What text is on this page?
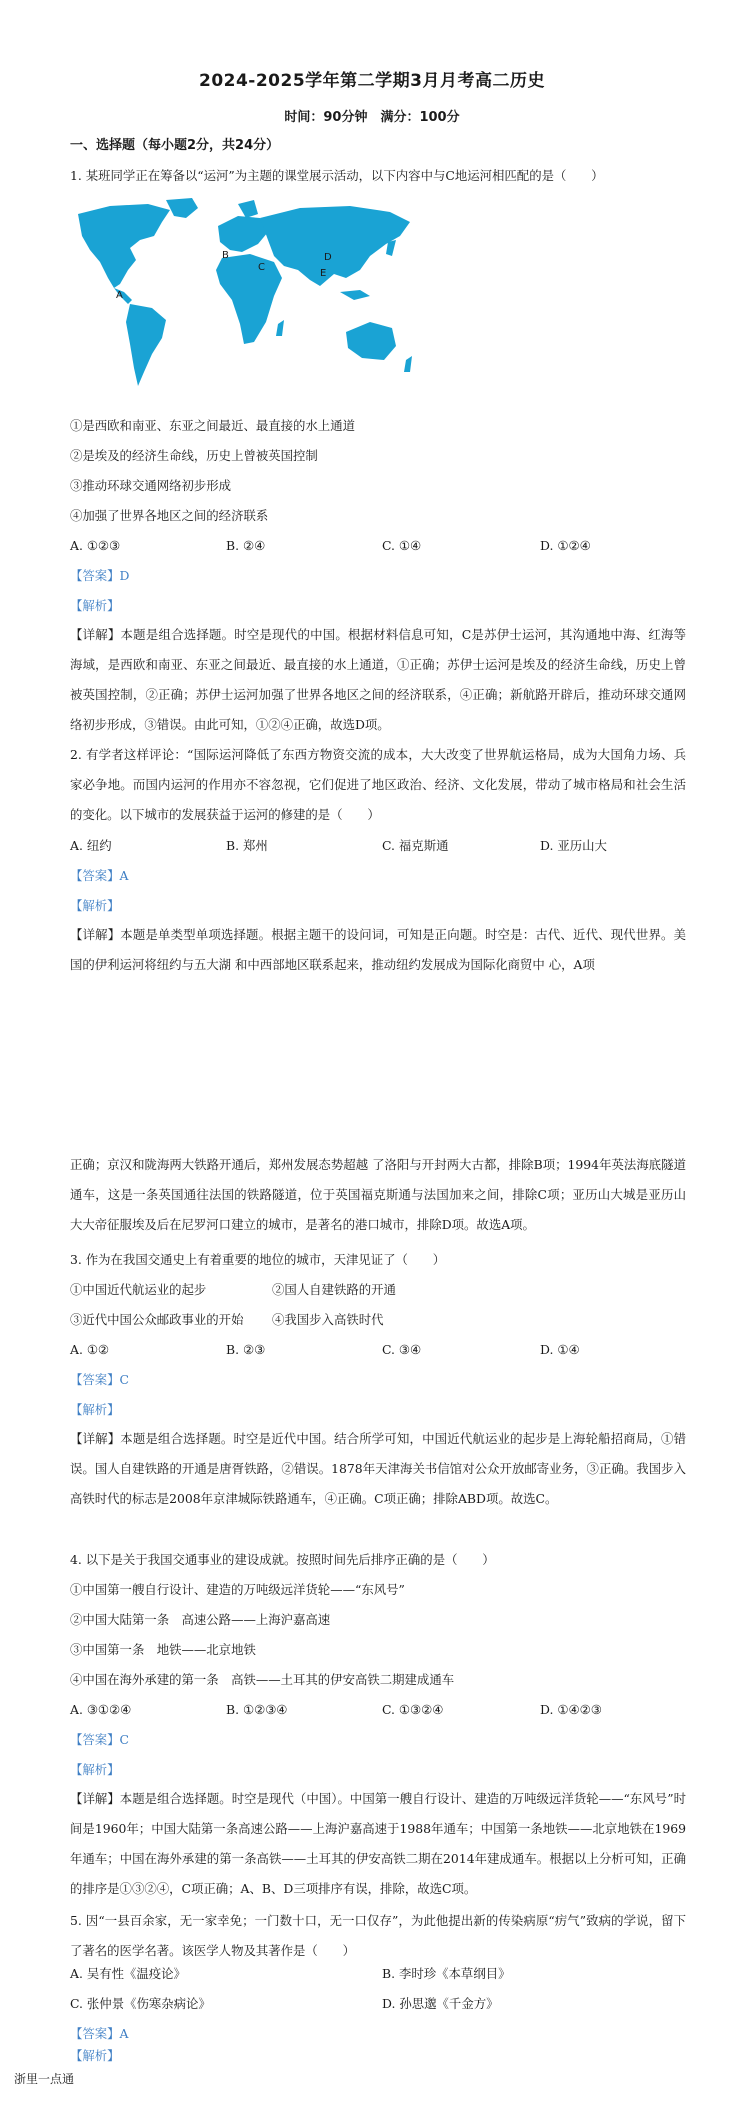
2024-2025学年第二学期3月月考高二历史
时间：90分钟　满分：100分
一、选择题（每小题2分，共24分）
1. 某班同学正在筹备以“运河”为主题的课堂展示活动，以下内容中与C地运河相匹配的是（　　）
A
B
C
D
E
①是西欧和南亚、东亚之间最近、最直接的水上通道
②是埃及的经济生命线，历史上曾被英国控制
③推动环球交通网络初步形成
④加强了世界各地区之间的经济联系
A. ①②③	B. ②④	C. ①④	D. ①②④
【答案】D
【解析】
【详解】本题是组合选择题。时空是现代的中国。根据材料信息可知，C是苏伊士运河，其沟通地中海、红海等海域，是西欧和南亚、东亚之间最近、最直接的水上通道，①正确；苏伊士运河是埃及的经济生命线，历史上曾被英国控制，②正确；苏伊士运河加强了世界各地区之间的经济联系，④正确；新航路开辟后，推动环球交通网络初步形成，③错误。由此可知，①②④正确，故选D项。
2. 有学者这样评论：“国际运河降低了东西方物资交流的成本，大大改变了世界航运格局，成为大国角力场、兵家必争地。而国内运河的作用亦不容忽视，它们促进了地区政治、经济、文化发展，带动了城市格局和社会生活的变化。以下城市的发展获益于运河的修建的是（　　）
A. 纽约	B. 郑州	C. 福克斯通	D. 亚历山大
【答案】A
【解析】
【详解】本题是单类型单项选择题。根据主题干的设问词，可知是正向题。时空是：古代、近代、现代世界。美国的伊利运河将纽约与五大湖 和中西部地区联系起来，推动纽约发展成为国际化商贸中 心，A项
正确；京汉和陇海两大铁路开通后，郑州发展态势超越 了洛阳与开封两大古都，排除B项；1994年英法海底隧道通车，这是一条英国通往法国的铁路隧道，位于英国福克斯通与法国加来之间，排除C项；亚历山大城是亚历山大大帝征服埃及后在尼罗河口建立的城市，是著名的港口城市，排除D项。故选A项。
3. 作为在我国交通史上有着重要的地位的城市，天津见证了（　　）
①中国近代航运业的起步	②国人自建铁路的开通
③近代中国公众邮政事业的开始 ④我国步入高铁时代
A. ①②	B. ②③	C. ③④	D. ①④
【答案】C
【解析】
【详解】本题是组合选择题。时空是近代中国。结合所学可知，中国近代航运业的起步是上海轮船招商局，①错误。国人自建铁路的开通是唐胥铁路，②错误。1878年天津海关书信馆对公众开放邮寄业务，③正确。我国步入高铁时代的标志是2008年京津城际铁路通车，④正确。C项正确；排除ABD项。故选C。
4. 以下是关于我国交通事业的建设成就。按照时间先后排序正确的是（　　）
①中国第一艘自行设计、建造的万吨级远洋货轮——“东风号”
②中国大陆第一条　高速公路——上海沪嘉高速
③中国第一条　地铁——北京地铁
④中国在海外承建的第一条　高铁——土耳其的伊安高铁二期建成通车
A. ③①②④	B. ①②③④	C. ①③②④	D. ①④②③
【答案】C
【解析】
【详解】本题是组合选择题。时空是现代（中国）。中国第一艘自行设计、建造的万吨级远洋货轮——“东风号”时间是1960年；中国大陆第一条高速公路——上海沪嘉高速于1988年通车；中国第一条地铁——北京地铁在1969年通车；中国在海外承建的第一条高铁——土耳其的伊安高铁二期在2014年建成通车。根据以上分析可知，正确的排序是①③②④，C项正确；A、B、D三项排序有误，排除，故选C项。
5. 因“一县百余家，无一家幸免；一门数十口，无一口仅存”，为此他提出新的传染病原“疠气”致病的学说，留下了著名的医学名著。该医学人物及其著作是（　　）
A. 吴有性《温疫论》	B. 李时珍《本草纲目》
C. 张仲景《伤寒杂病论》	D. 孙思邈《千金方》
【答案】A
【解析】
浙里一点通
